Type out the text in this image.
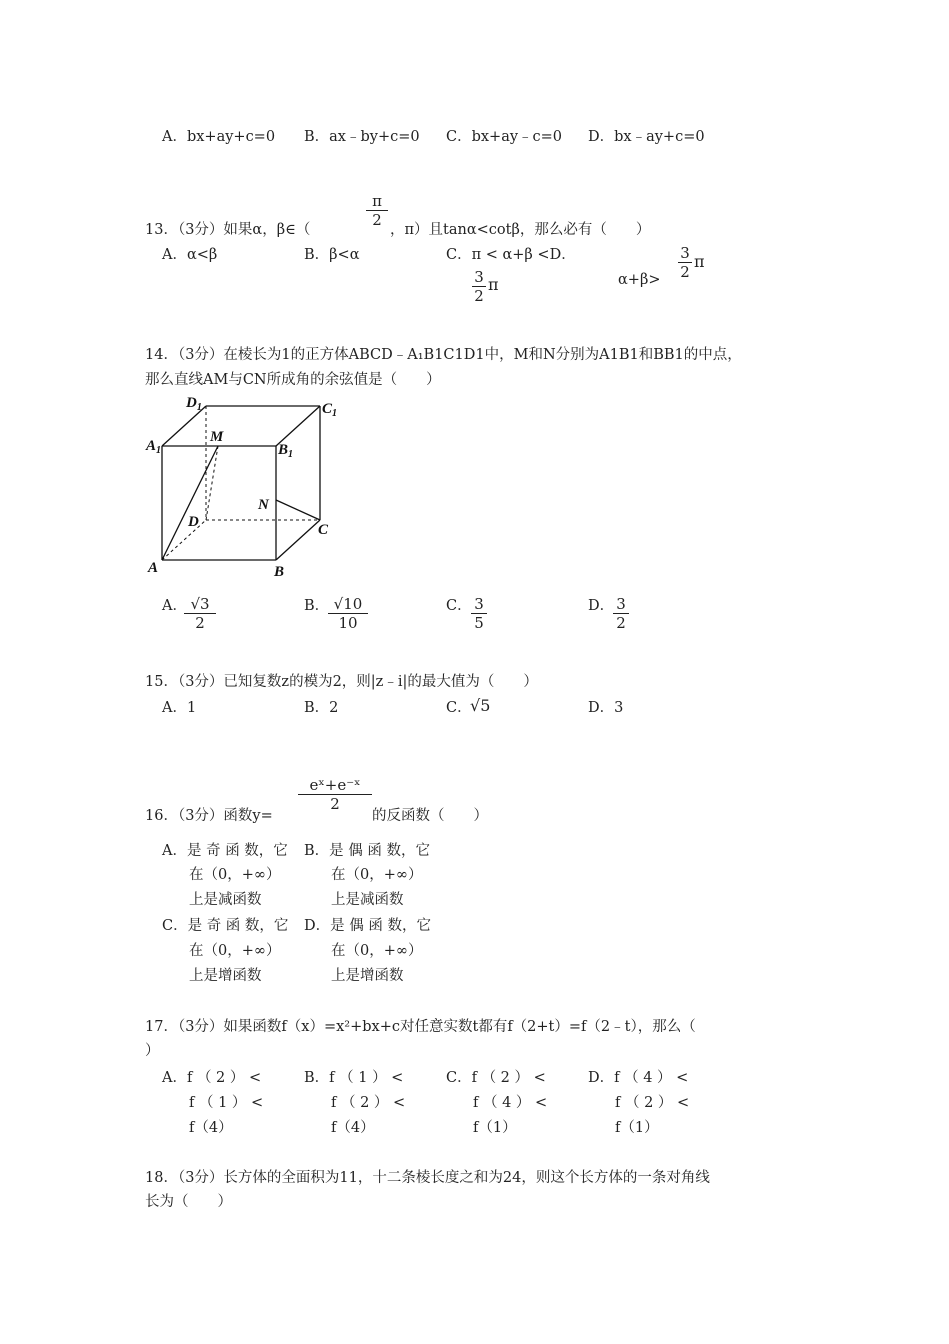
A．bx+ay+c=0 B．ax﹣by+c=0 C．bx+ay﹣c=0 D．bx﹣ay+c=0
$\frac{\pi}{2}$
13．（3分）如果α，β∈（	，π）且tanα<cotβ，那么必有（　　）
A．α<β	B．β<α	C．π < α+β <D．
$\frac{3}{2}$ π	$\alpha+\beta> \frac{3}{2}$ π
14．（3分）在棱长为1的正方体ABCD﹣A₁B1C1D1中，M和N分别为A1B1和BB1的中点，
那么直线AM与CN所成角的余弦值是（　　）
$D_1$	$C_1$
$A_1$	$B_1$
M
N
D	C
A	B
A．
$\frac{√3}{2}$	B．
$\frac{√10}{10}$	C． $\frac{3}{5}$	D．
$\frac{3}{2}$
15．（3分）已知复数z的模为2，则|z﹣i|的最大值为（　　）
A．1	B．2	C．
√5	D．3
$\frac{\text{eˣ+e⁻ˣ}}{2}$
16．（3分）函数y=	的反函数（　　）
A．是 奇 函 数，它
在（0，+∞）
上是减函数
B．是 偶 函 数，它
在（0，+∞）
上是减函数
C．是 奇 函 数，它
在（0，+∞）
上是增函数
D．是 偶 函 数，它
在（0，+∞）
上是增函数
17．（3分）如果函数f（x）=x²+bx+c对任意实数t都有f（2+t）=f（2﹣t），那么（
）
A．f （ 2 ） <
f （ 1 ） <
f（4）
B．f （ 1 ） <
f （ 2 ） <
f（4）
C．f （ 2 ） <
f （ 4 ） <
f（1）
D．f （ 4 ） <
f （ 2 ） <
f（1）
18．（3分）长方体的全面积为11，十二条棱长度之和为24，则这个长方体的一条对角线
长为（　　）
